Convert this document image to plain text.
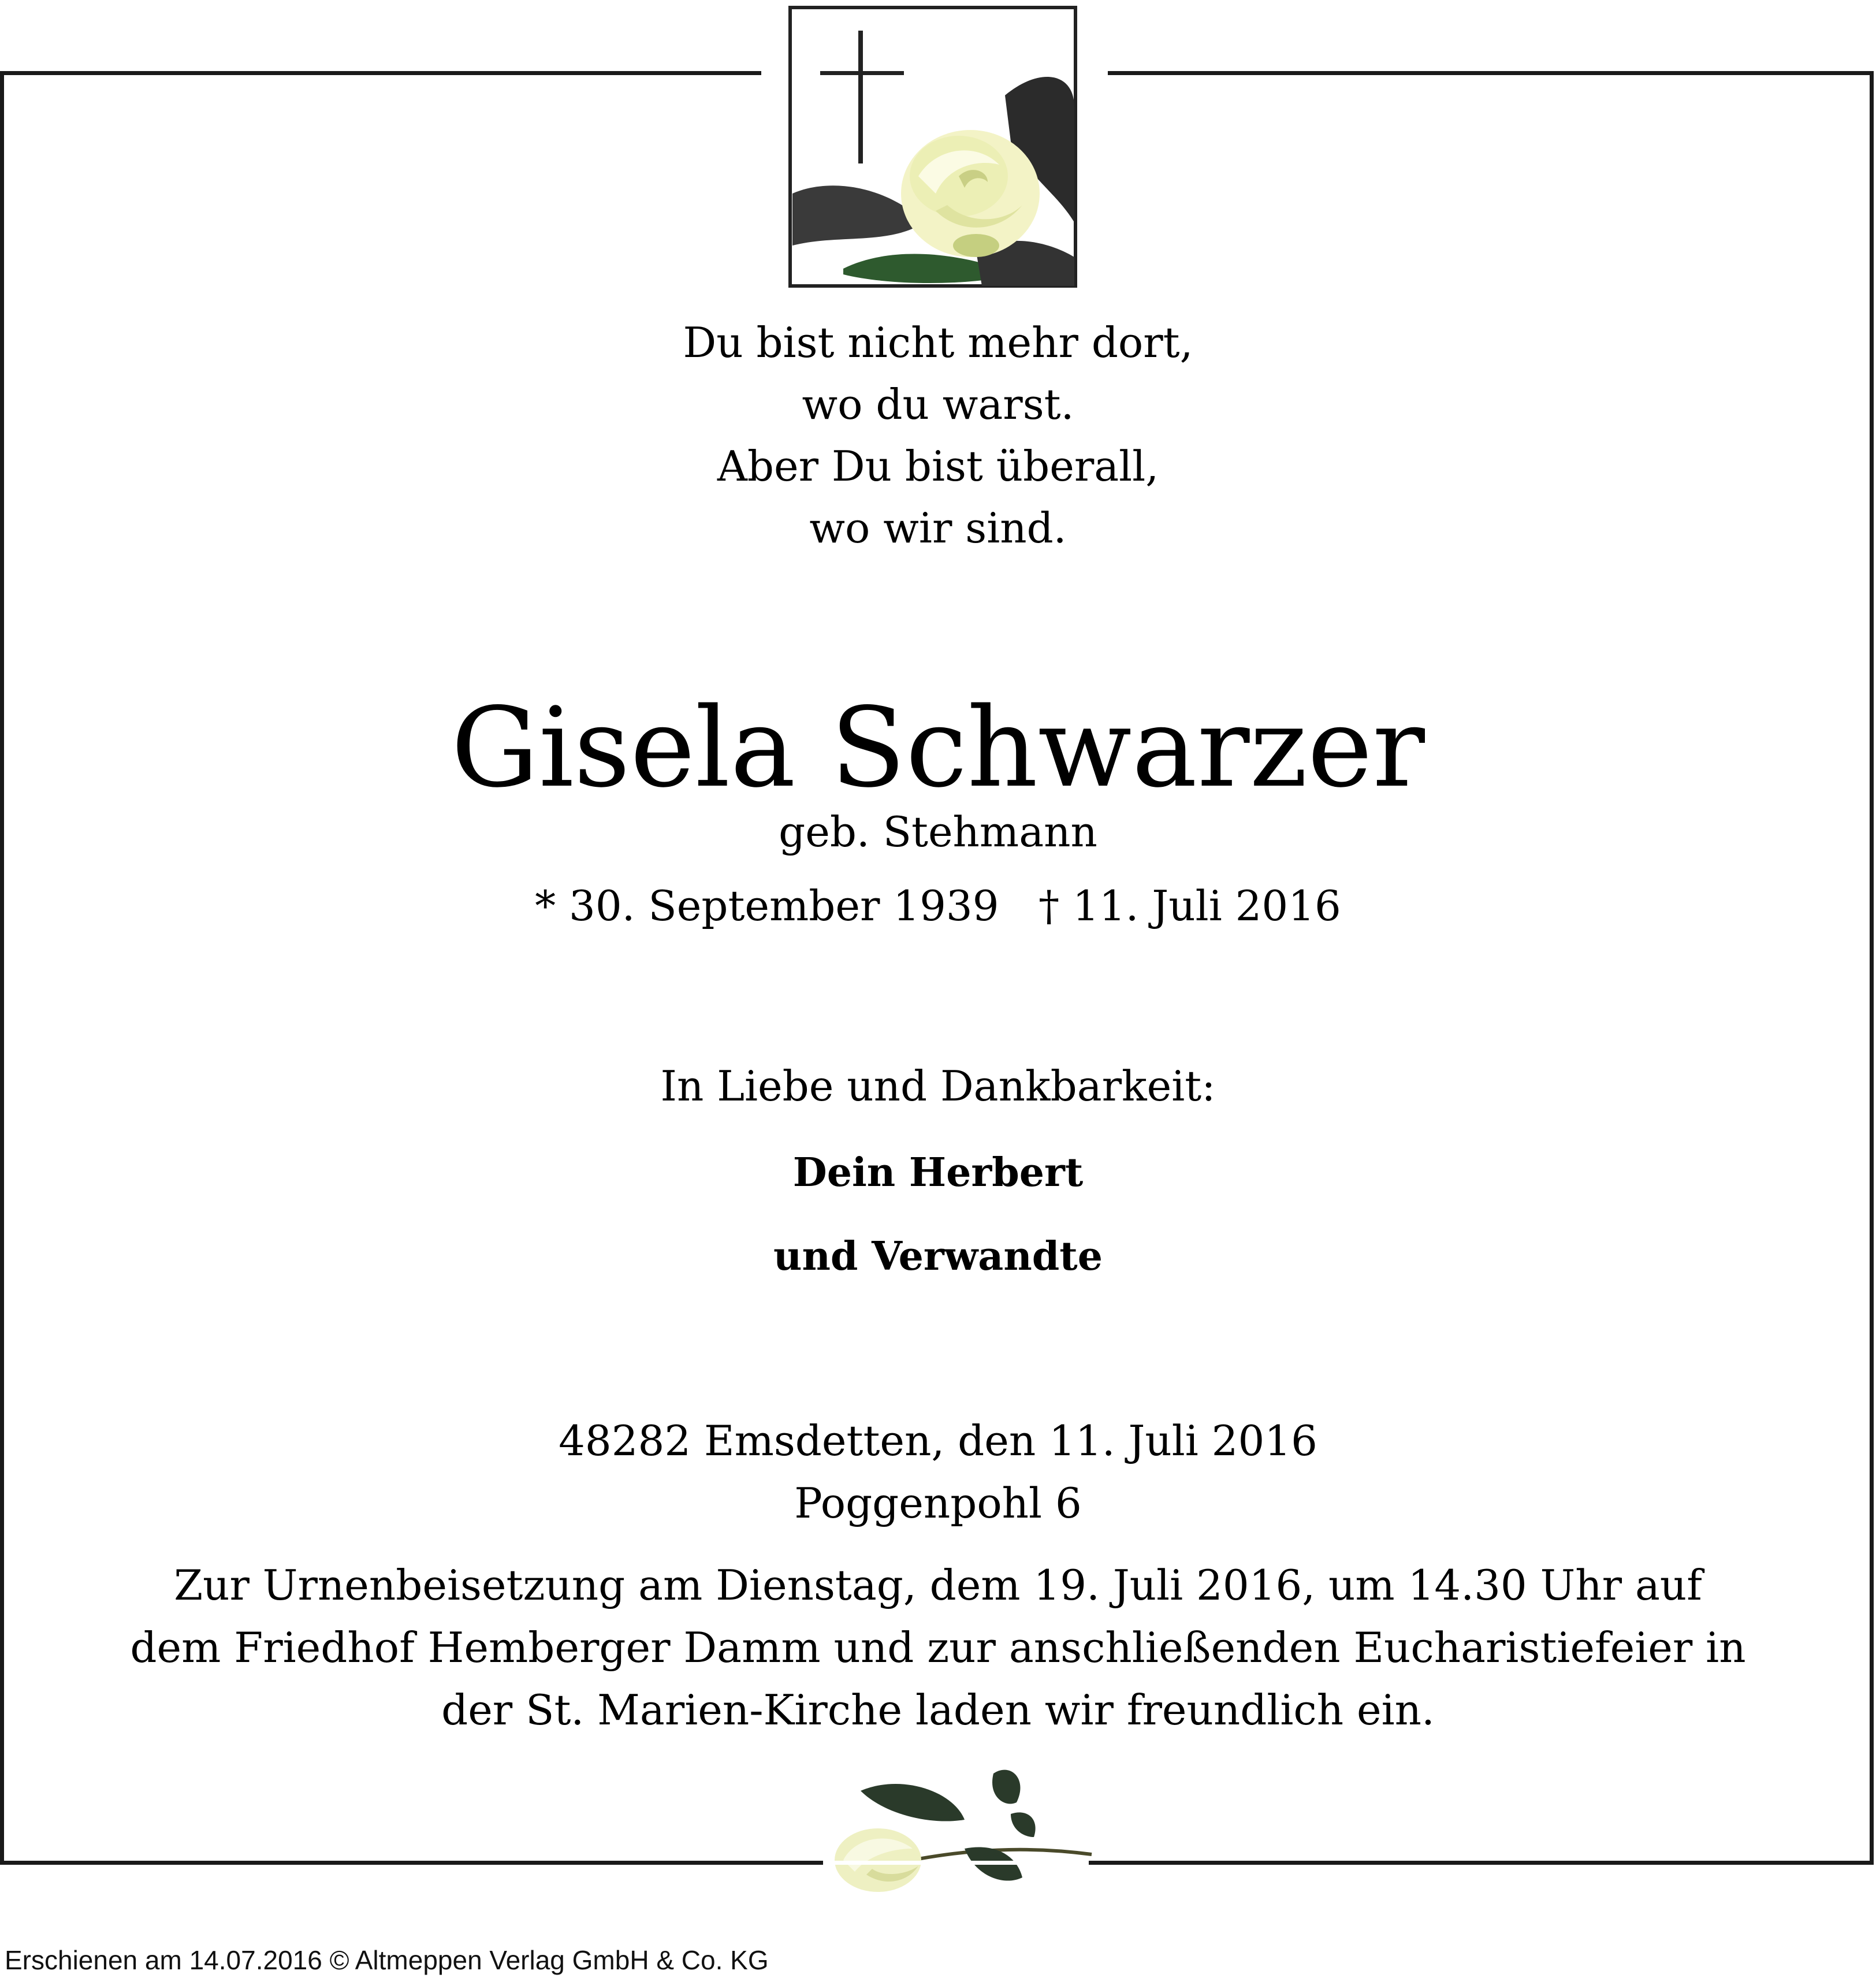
Du bist nicht mehr dort,
wo du warst.
Aber Du bist überall,
wo wir sind.
Gisela Schwarzer
geb. Stehmann
* 30. September 1939   † 11. Juli 2016
In Liebe und Dankbarkeit:
Dein Herbert
und Verwandte
48282 Emsdetten, den 11. Juli 2016
Poggenpohl 6
Zur Urnenbeisetzung am Dienstag, dem 19. Juli 2016, um 14.30 Uhr auf
dem Friedhof Hemberger Damm und zur anschließenden Eucharistiefeier in
der St. Marien-Kirche laden wir freundlich ein.
Erschienen am 14.07.2016 © Altmeppen Verlag GmbH & Co. KG
